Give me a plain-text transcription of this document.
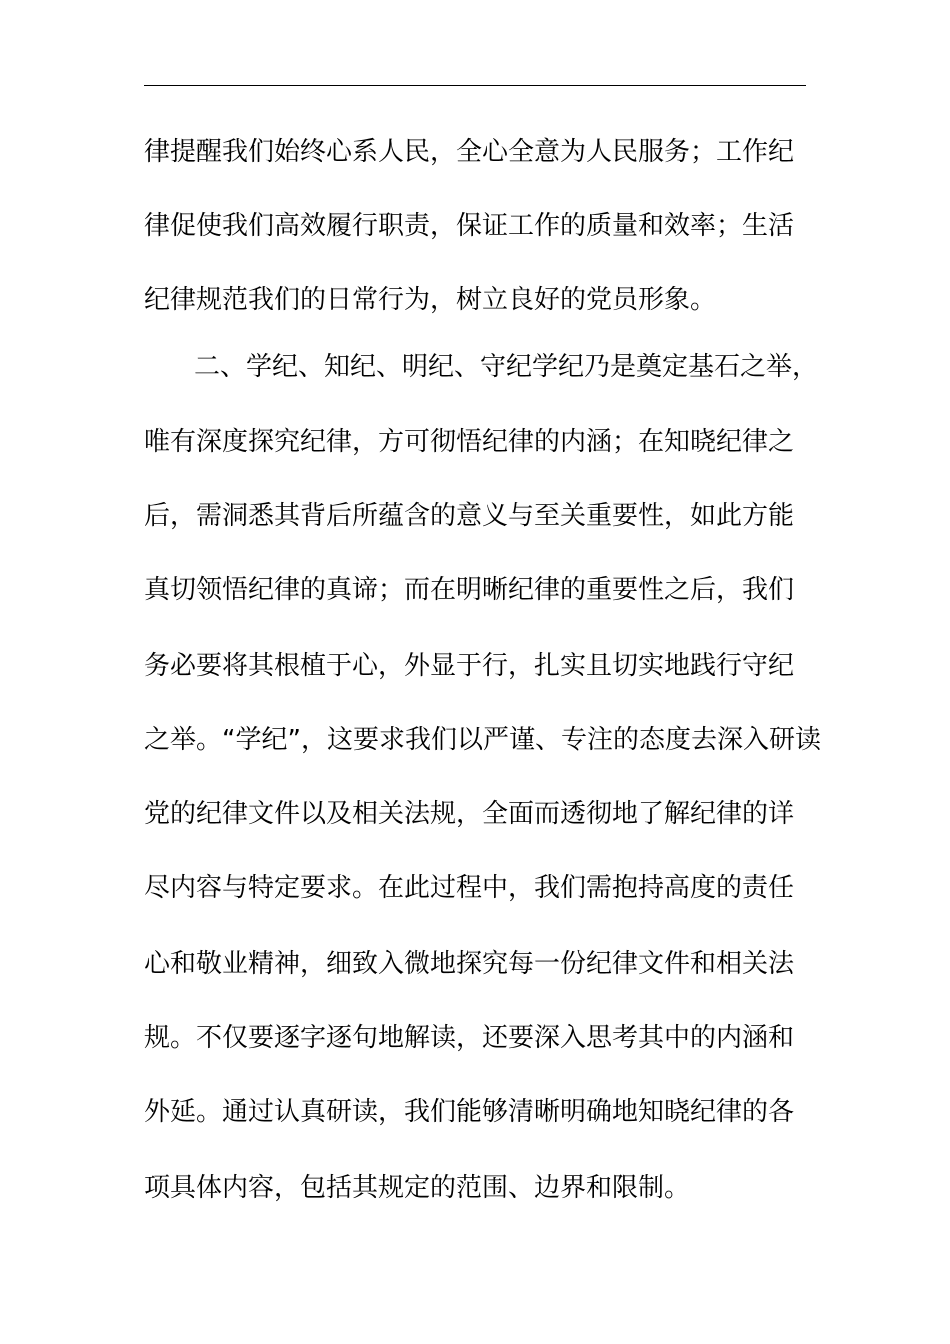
律提醒我们始终心系人民，全心全意为人民服务；工作纪
律促使我们高效履行职责，保证工作的质量和效率；生活
纪律规范我们的日常行为，树立良好的党员形象。
二、学纪、知纪、明纪、守纪学纪乃是奠定基石之举，
唯有深度探究纪律，方可彻悟纪律的内涵；在知晓纪律之
后，需洞悉其背后所蕴含的意义与至关重要性，如此方能
真切领悟纪律的真谛；而在明晰纪律的重要性之后，我们
务必要将其根植于心，外显于行，扎实且切实地践行守纪
之举。“学纪”，这要求我们以严谨、专注的态度去深入研读
党的纪律文件以及相关法规，全面而透彻地了解纪律的详
尽内容与特定要求。在此过程中，我们需抱持高度的责任
心和敬业精神，细致入微地探究每一份纪律文件和相关法
规。不仅要逐字逐句地解读，还要深入思考其中的内涵和
外延。通过认真研读，我们能够清晰明确地知晓纪律的各
项具体内容，包括其规定的范围、边界和限制。
